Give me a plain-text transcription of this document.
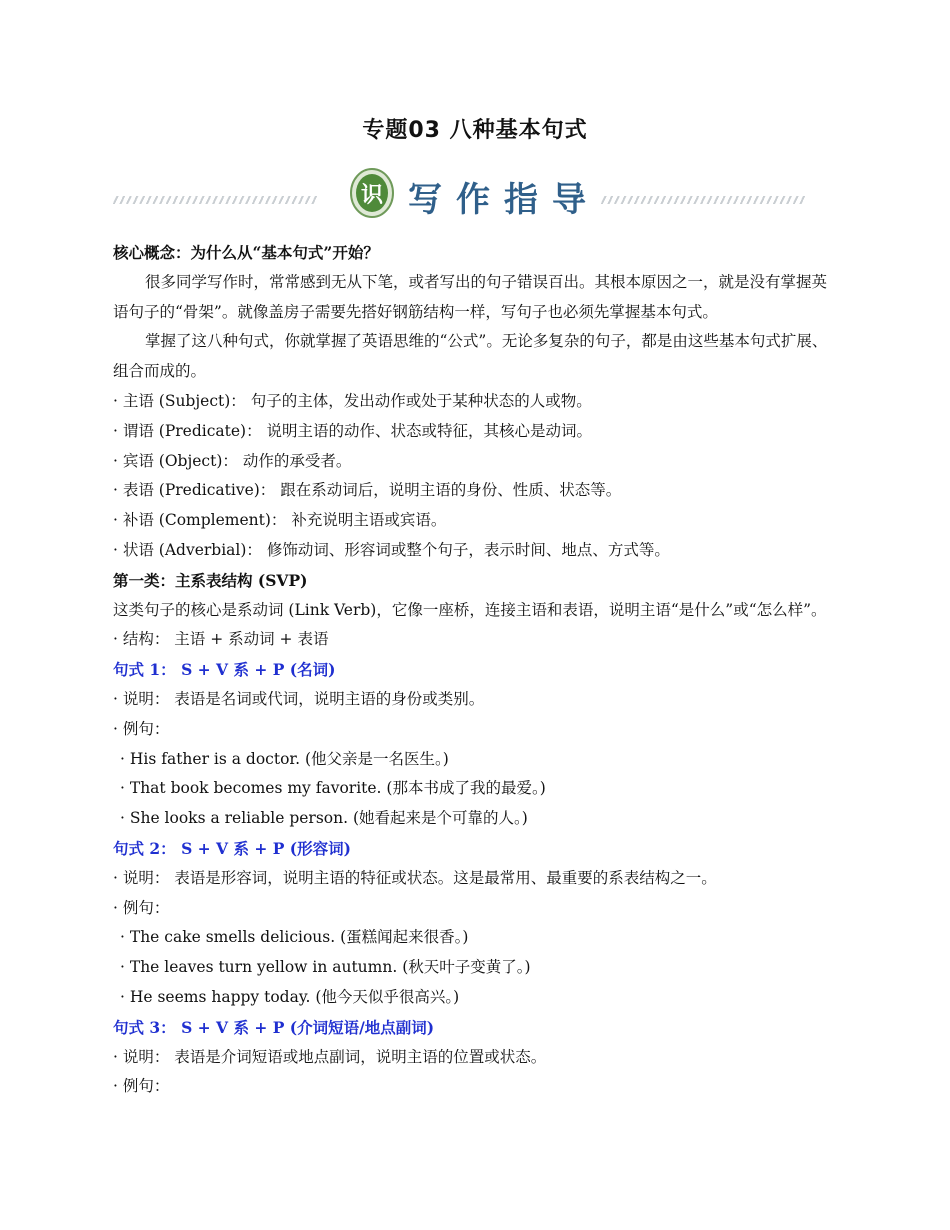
专题03 八种基本句式
识 写作指导
核心概念：为什么从“基本句式”开始？
很多同学写作时，常常感到无从下笔，或者写出的句子错误百出。其根本原因之一，就是没有掌握英语句子的“骨架”。就像盖房子需要先搭好钢筋结构一样，写句子也必须先掌握基本句式。
掌握了这八种句式，你就掌握了英语思维的“公式”。无论多复杂的句子，都是由这些基本句式扩展、组合而成的。
· 主语 (Subject)： 句子的主体，发出动作或处于某种状态的人或物。
· 谓语 (Predicate)： 说明主语的动作、状态或特征，其核心是动词。
· 宾语 (Object)： 动作的承受者。
· 表语 (Predicative)： 跟在系动词后，说明主语的身份、性质、状态等。
· 补语 (Complement)： 补充说明主语或宾语。
· 状语 (Adverbial)： 修饰动词、形容词或整个句子，表示时间、地点、方式等。
第一类：主系表结构 (SVP)
这类句子的核心是系动词 (Link Verb)，它像一座桥，连接主语和表语，说明主语“是什么”或“怎么样”。
· 结构： 主语 + 系动词 + 表语
句式 1： S + V 系 + P (名词)
· 说明： 表语是名词或代词，说明主语的身份或类别。
· 例句：
· His father is a doctor. (他父亲是一名医生。)
· That book becomes my favorite. (那本书成了我的最爱。)
· She looks a reliable person. (她看起来是个可靠的人。)
句式 2： S + V 系 + P (形容词)
· 说明： 表语是形容词，说明主语的特征或状态。这是最常用、最重要的系表结构之一。
· 例句：
· The cake smells delicious. (蛋糕闻起来很香。)
· The leaves turn yellow in autumn. (秋天叶子变黄了。)
· He seems happy today. (他今天似乎很高兴。)
句式 3： S + V 系 + P (介词短语/地点副词)
· 说明： 表语是介词短语或地点副词，说明主语的位置或状态。
· 例句：
